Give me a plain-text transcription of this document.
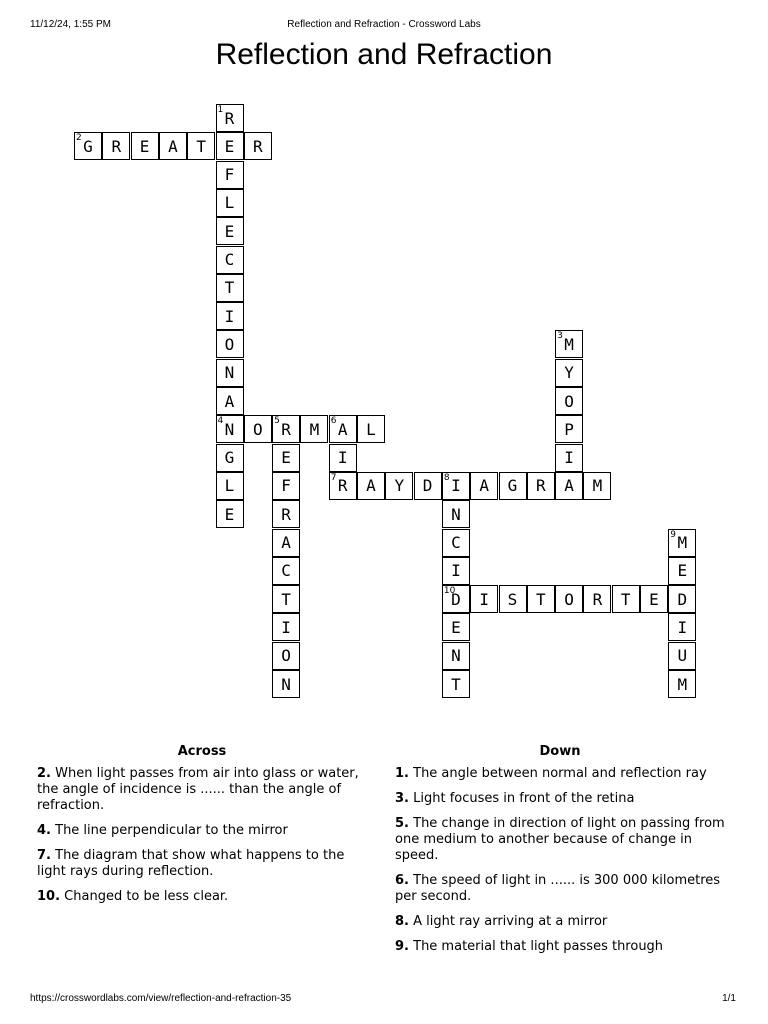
11/12/24, 1:55 PM	Reflection and Refraction - Crossword Labs
Reflection and Refraction
1 R
E
F
L
E
C
T
I
O
N
A
4 N
G
L
E
2 G	R	E	A	T	R
3 M
Y
O
P
I
A
O	5 R	M	6 A	L
E
F
R
A
C
T
I
O
N
I
7 R	A	Y	D	8 I	A	G	R	M
N
C
I
10
D
E
N
T
9 M
E
D
I
U
M
I	S	T	O	R	T	E
Across
2. When light passes from air into glass or water, the angle of incidence is ...... than the angle of refraction.
4. The line perpendicular to the mirror
7. The diagram that show what happens to the light rays during reflection.
10. Changed to be less clear.
Down
1. The angle between normal and reflection ray
3. Light focuses in front of the retina
5. The change in direction of light on passing from one medium to another because of change in speed.
6. The speed of light in ...... is 300 000 kilometres per second.
8. A light ray arriving at a mirror
9. The material that light passes through
https://crosswordlabs.com/view/reflection-and-refraction-35	1/1
